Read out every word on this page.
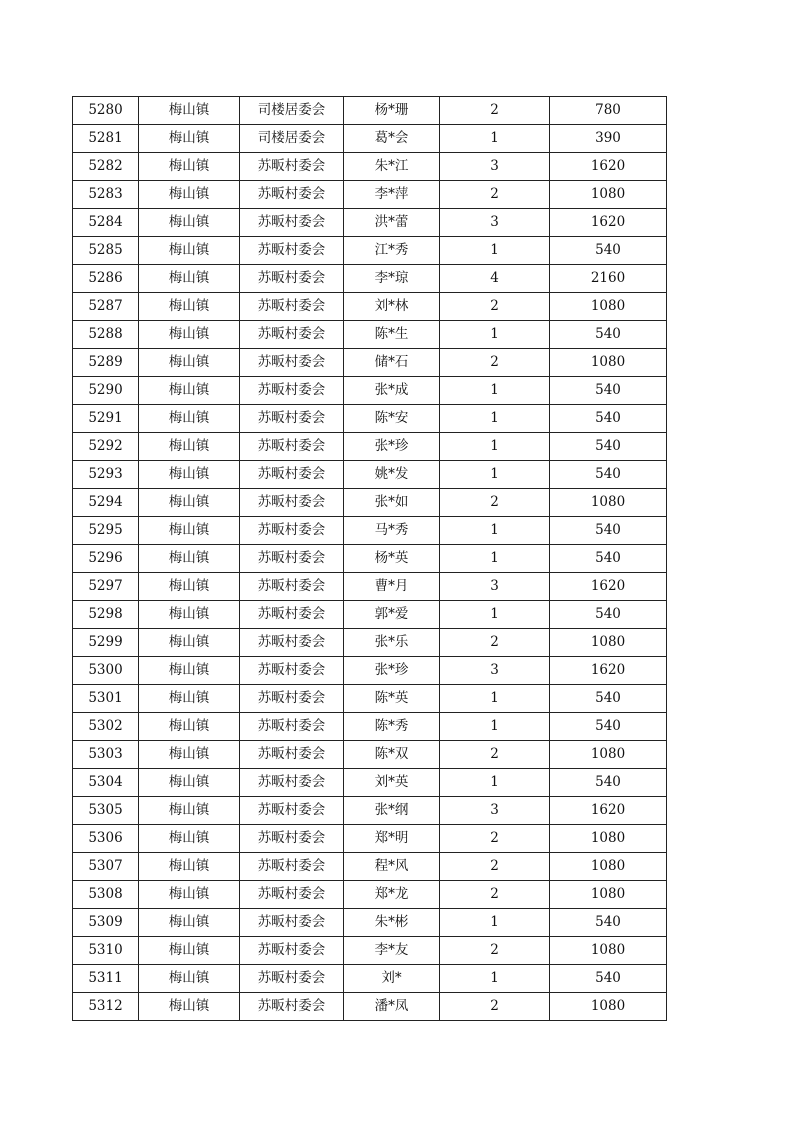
5280	梅山镇	司楼居委会	杨*珊	2	780
5281	梅山镇	司楼居委会	葛*会	1	390
5282	梅山镇	苏畈村委会	朱*江	3	1620
5283	梅山镇	苏畈村委会	李*萍	2	1080
5284	梅山镇	苏畈村委会	洪*蕾	3	1620
5285	梅山镇	苏畈村委会	江*秀	1	540
5286	梅山镇	苏畈村委会	李*琼	4	2160
5287	梅山镇	苏畈村委会	刘*林	2	1080
5288	梅山镇	苏畈村委会	陈*生	1	540
5289	梅山镇	苏畈村委会	储*石	2	1080
5290	梅山镇	苏畈村委会	张*成	1	540
5291	梅山镇	苏畈村委会	陈*安	1	540
5292	梅山镇	苏畈村委会	张*珍	1	540
5293	梅山镇	苏畈村委会	姚*发	1	540
5294	梅山镇	苏畈村委会	张*如	2	1080
5295	梅山镇	苏畈村委会	马*秀	1	540
5296	梅山镇	苏畈村委会	杨*英	1	540
5297	梅山镇	苏畈村委会	曹*月	3	1620
5298	梅山镇	苏畈村委会	郭*爱	1	540
5299	梅山镇	苏畈村委会	张*乐	2	1080
5300	梅山镇	苏畈村委会	张*珍	3	1620
5301	梅山镇	苏畈村委会	陈*英	1	540
5302	梅山镇	苏畈村委会	陈*秀	1	540
5303	梅山镇	苏畈村委会	陈*双	2	1080
5304	梅山镇	苏畈村委会	刘*英	1	540
5305	梅山镇	苏畈村委会	张*纲	3	1620
5306	梅山镇	苏畈村委会	郑*明	2	1080
5307	梅山镇	苏畈村委会	程*风	2	1080
5308	梅山镇	苏畈村委会	郑*龙	2	1080
5309	梅山镇	苏畈村委会	朱*彬	1	540
5310	梅山镇	苏畈村委会	李*友	2	1080
5311	梅山镇	苏畈村委会	刘*	1	540
5312	梅山镇	苏畈村委会	潘*凤	2	1080
